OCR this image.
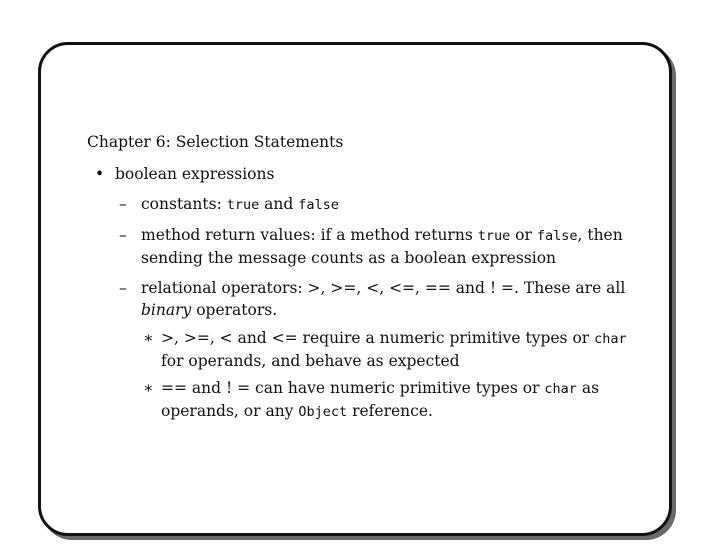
Chapter 6: Selection Statements
• boolean expressions
– constants: true and false
– method return values: if a method returns true or false, then sending the message counts as a boolean expression
– relational operators: >, >=, <, <=, == and ! =. These are all binary operators.
∗ >, >=, < and <= require a numeric primitive types or char for operands, and behave as expected
∗ == and ! = can have numeric primitive types or char as operands, or any Object reference.
